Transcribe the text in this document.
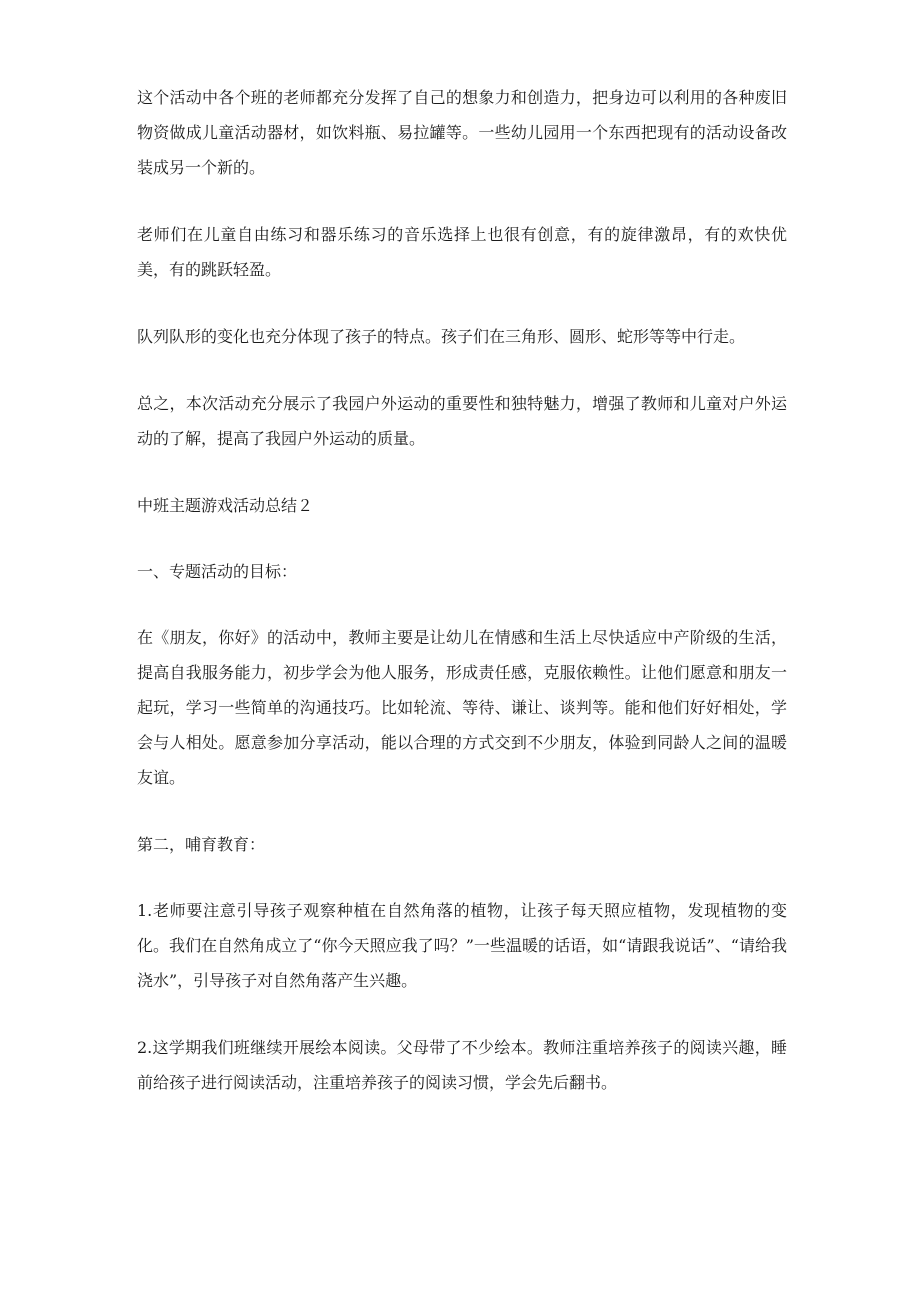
这个活动中各个班的老师都充分发挥了自己的想象力和创造力，把身边可以利用的各种废旧物资做成儿童活动器材，如饮料瓶、易拉罐等。一些幼儿园用一个东西把现有的活动设备改装成另一个新的。

老师们在儿童自由练习和器乐练习的音乐选择上也很有创意，有的旋律激昂，有的欢快优美，有的跳跃轻盈。

队列队形的变化也充分体现了孩子的特点。孩子们在三角形、圆形、蛇形等等中行走。

总之，本次活动充分展示了我园户外运动的重要性和独特魅力，增强了教师和儿童对户外运动的了解，提高了我园户外运动的质量。

中班主题游戏活动总结２

一、专题活动的目标：

在《朋友，你好》的活动中，教师主要是让幼儿在情感和生活上尽快适应中产阶级的生活，提高自我服务能力，初步学会为他人服务，形成责任感，克服依赖性。让他们愿意和朋友一起玩，学习一些简单的沟通技巧。比如轮流、等待、谦让、谈判等。能和他们好好相处，学会与人相处。愿意参加分享活动，能以合理的方式交到不少朋友，体验到同龄人之间的温暖友谊。

第二，哺育教育：

1.老师要注意引导孩子观察种植在自然角落的植物，让孩子每天照应植物，发现植物的变化。我们在自然角成立了“你今天照应我了吗？”一些温暖的话语，如“请跟我说话”、“请给我浇水”，引导孩子对自然角落产生兴趣。

2.这学期我们班继续开展绘本阅读。父母带了不少绘本。教师注重培养孩子的阅读兴趣，睡前给孩子进行阅读活动，注重培养孩子的阅读习惯，学会先后翻书。
